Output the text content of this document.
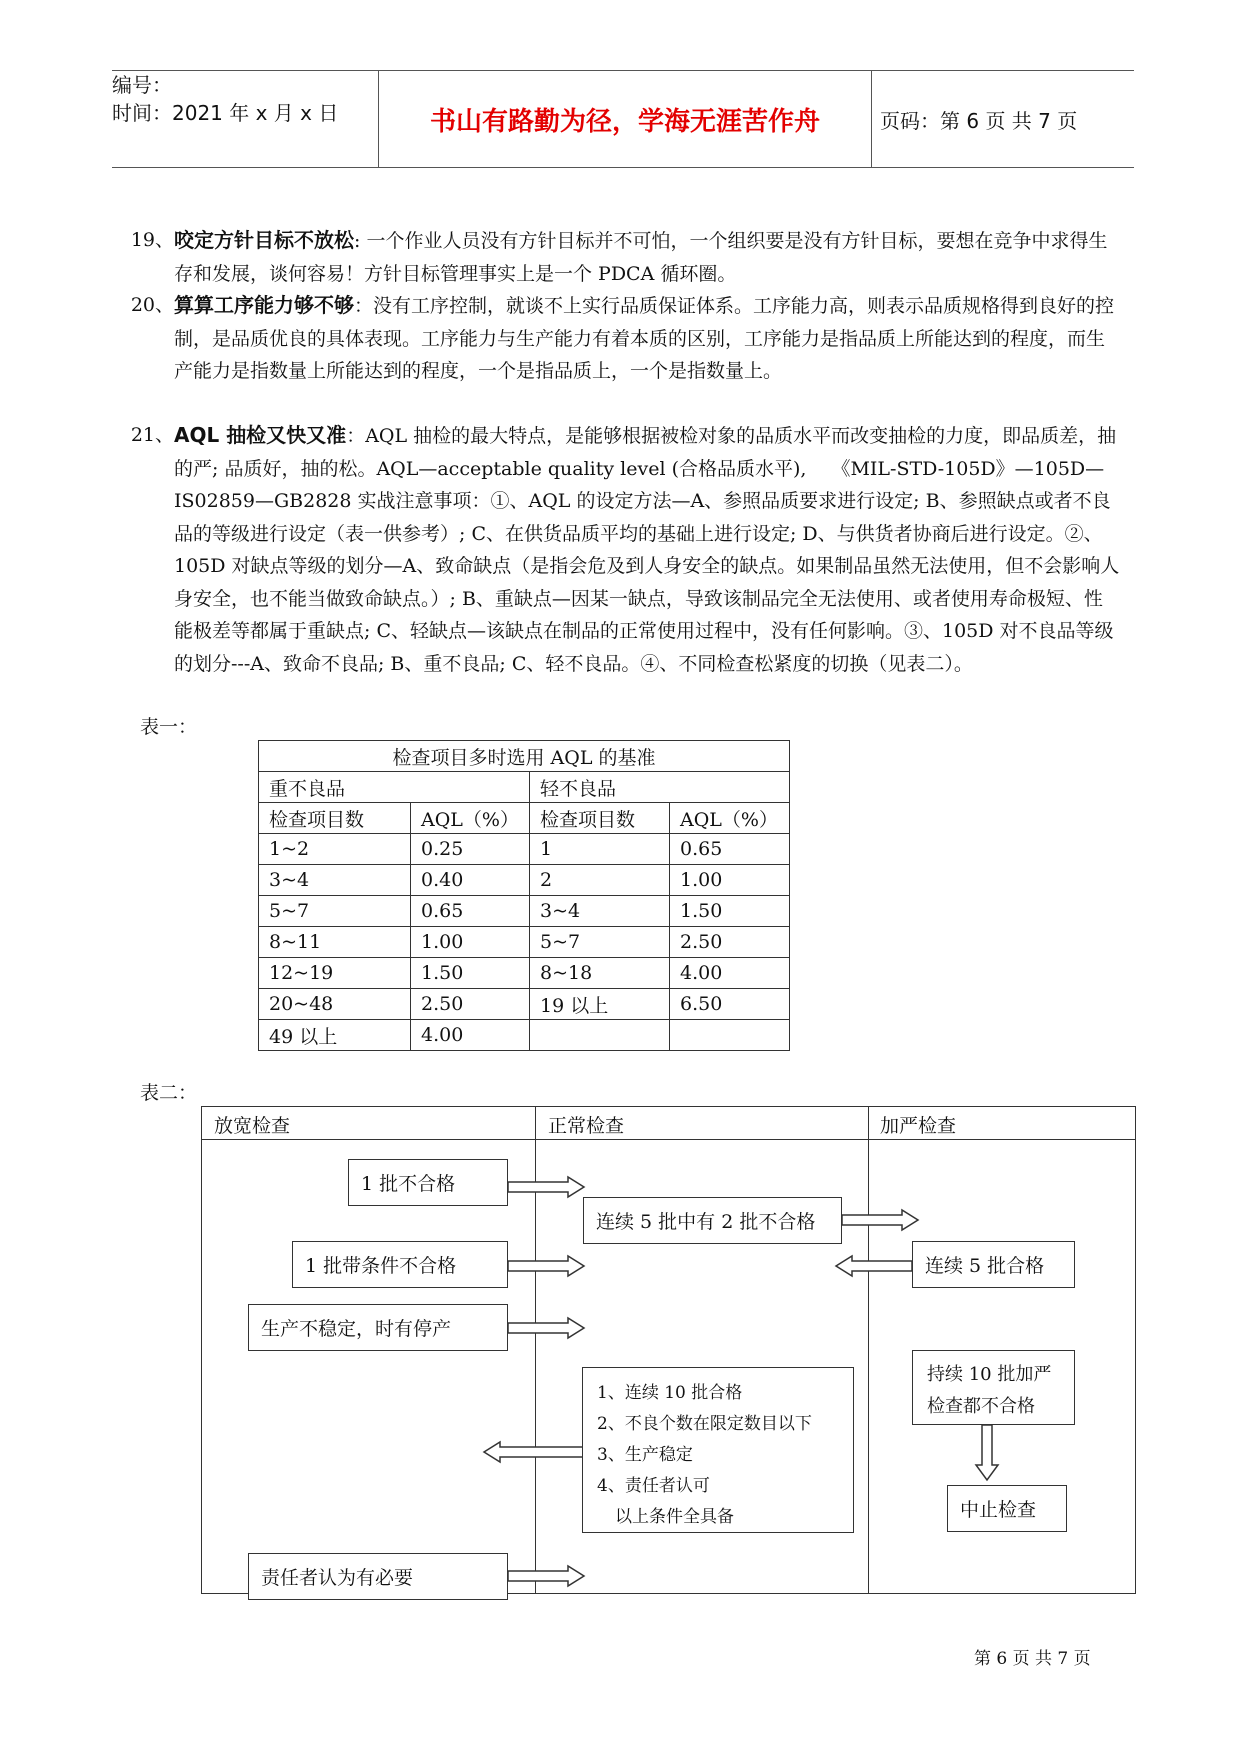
编号：
时间：2021 年 x 月 x 日	书山有路勤为径，学海无涯苦作舟	页码：第 6 页 共 7 页
19、 咬定方针目标不放松: 一个作业人员没有方针目标并不可怕，一个组织要是没有方针目标，要想在竞争中求得生存和发展，谈何容易！方针目标管理事实上是一个 PDCA 循环圈。
20、 算算工序能力够不够：没有工序控制，就谈不上实行品质保证体系。工序能力高，则表示品质规格得到良好的控制，是品质优良的具体表现。工序能力与生产能力有着本质的区别，工序能力是指品质上所能达到的程度，而生产能力是指数量上所能达到的程度，一个是指品质上，一个是指数量上。
21、 AQL 抽检又快又准：AQL 抽检的最大特点，是能够根据被检对象的品质水平而改变抽检的力度，即品质差，抽的严; 品质好，抽的松。AQL—acceptable quality level (合格品质水平),　 《MIL-STD-105D》—105D—IS02859—GB2828 实战注意事项：①、AQL 的设定方法—A、参照品质要求进行设定; B、参照缺点或者不良品的等级进行设定（表一供参考）; C、在供货品质平均的基础上进行设定; D、与供货者协商后进行设定。②、105D 对缺点等级的划分—A、致命缺点（是指会危及到人身安全的缺点。如果制品虽然无法使用，但不会影响人身安全，也不能当做致命缺点。）; B、重缺点—因某一缺点，导致该制品完全无法使用、或者使用寿命极短、性能极差等都属于重缺点; C、轻缺点—该缺点在制品的正常使用过程中，没有任何影响。③、105D 对不良品等级的划分---A、致命不良品; B、重不良品; C、轻不良品。④、不同检查松紧度的切换（见表二）。
表一：
检查项目多时选用 AQL 的基准			
重不良品		轻不良品	
检查项目数	AQL（%）	检查项目数	AQL（%）
1~2	0.25	1	0.65
3~4	0.40	2	1.00
5~7	0.65	3~4	1.50
8~11	1.00	5~7	2.50
12~19	1.50	8~18	4.00
20~48	2.50	19 以上	6.50
49 以上	4.00		
表二：
放宽检查	正常检查	加严检查
1 批不合格
连续 5 批中有 2 批不合格
1 批带条件不合格	连续 5 批合格
生产不稳定，时有停产
1、连续 10 批合格
2、不良个数在限定数目以下
3、生产稳定
4、责任者认可
以上条件全具备
持续 10 批加严
检查都不合格
中止检查
责任者认为有必要
第 6 页 共 7 页
